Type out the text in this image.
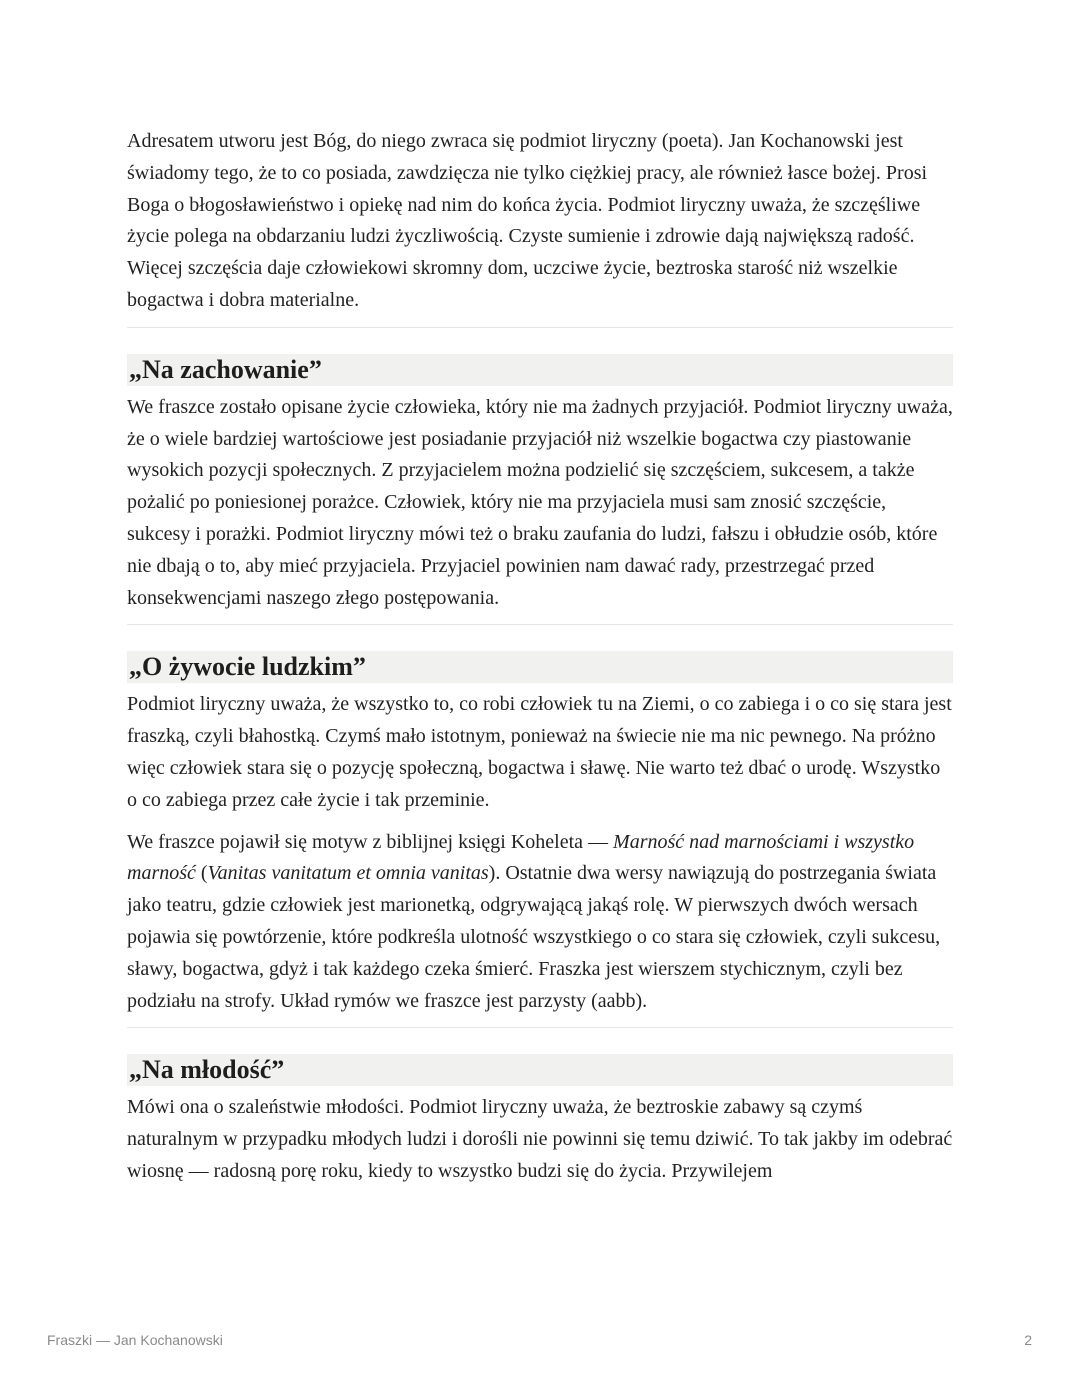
Adresatem utworu jest Bóg, do niego zwraca się podmiot liryczny (poeta). Jan Kochanowski jest świadomy tego, że to co posiada, zawdzięcza nie tylko ciężkiej pracy, ale również łasce bożej. Prosi Boga o błogosławieństwo i opiekę nad nim do końca życia. Podmiot liryczny uważa, że szczęśliwe życie polega na obdarzaniu ludzi życzliwością. Czyste sumienie i zdrowie dają największą radość. Więcej szczęścia daje człowiekowi skromny dom, uczciwe życie, beztroska starość niż wszelkie bogactwa i dobra materialne.

„Na zachowanie”

We fraszce zostało opisane życie człowieka, który nie ma żadnych przyjaciół. Podmiot liryczny uważa, że o wiele bardziej wartościowe jest posiadanie przyjaciół niż wszelkie bogactwa czy piastowanie wysokich pozycji społecznych. Z przyjacielem można podzielić się szczęściem, sukcesem, a także pożalić po poniesionej porażce. Człowiek, który nie ma przyjaciela musi sam znosić szczęście, sukcesy i porażki. Podmiot liryczny mówi też o braku zaufania do ludzi, fałszu i obłudzie osób, które nie dbają o to, aby mieć przyjaciela. Przyjaciel powinien nam dawać rady, przestrzegać przed konsekwencjami naszego złego postępowania.

„O żywocie ludzkim”

Podmiot liryczny uważa, że wszystko to, co robi człowiek tu na Ziemi, o co zabiega i o co się stara jest fraszką, czyli błahostką. Czymś mało istotnym, ponieważ na świecie nie ma nic pewnego. Na próżno więc człowiek stara się o pozycję społeczną, bogactwa i sławę. Nie warto też dbać o urodę. Wszystko o co zabiega przez całe życie i tak przeminie.

We fraszce pojawił się motyw z biblijnej księgi Koheleta — Marność nad marnościami i wszystko marność (Vanitas vanitatum et omnia vanitas). Ostatnie dwa wersy nawiązują do postrzegania świata jako teatru, gdzie człowiek jest marionetką, odgrywającą jakąś rolę. W pierwszych dwóch wersach pojawia się powtórzenie, które podkreśla ulotność wszystkiego o co stara się człowiek, czyli sukcesu, sławy, bogactwa, gdyż i tak każdego czeka śmierć. Fraszka jest wierszem stychicznym, czyli bez podziału na strofy. Układ rymów we fraszce jest parzysty (aabb).

„Na młodość”

Mówi ona o szaleństwie młodości. Podmiot liryczny uważa, że beztroskie zabawy są czymś naturalnym w przypadku młodych ludzi i dorośli nie powinni się temu dziwić. To tak jakby im odebrać wiosnę — radosną porę roku, kiedy to wszystko budzi się do życia. Przywilejem

Fraszki — Jan Kochanowski	2
